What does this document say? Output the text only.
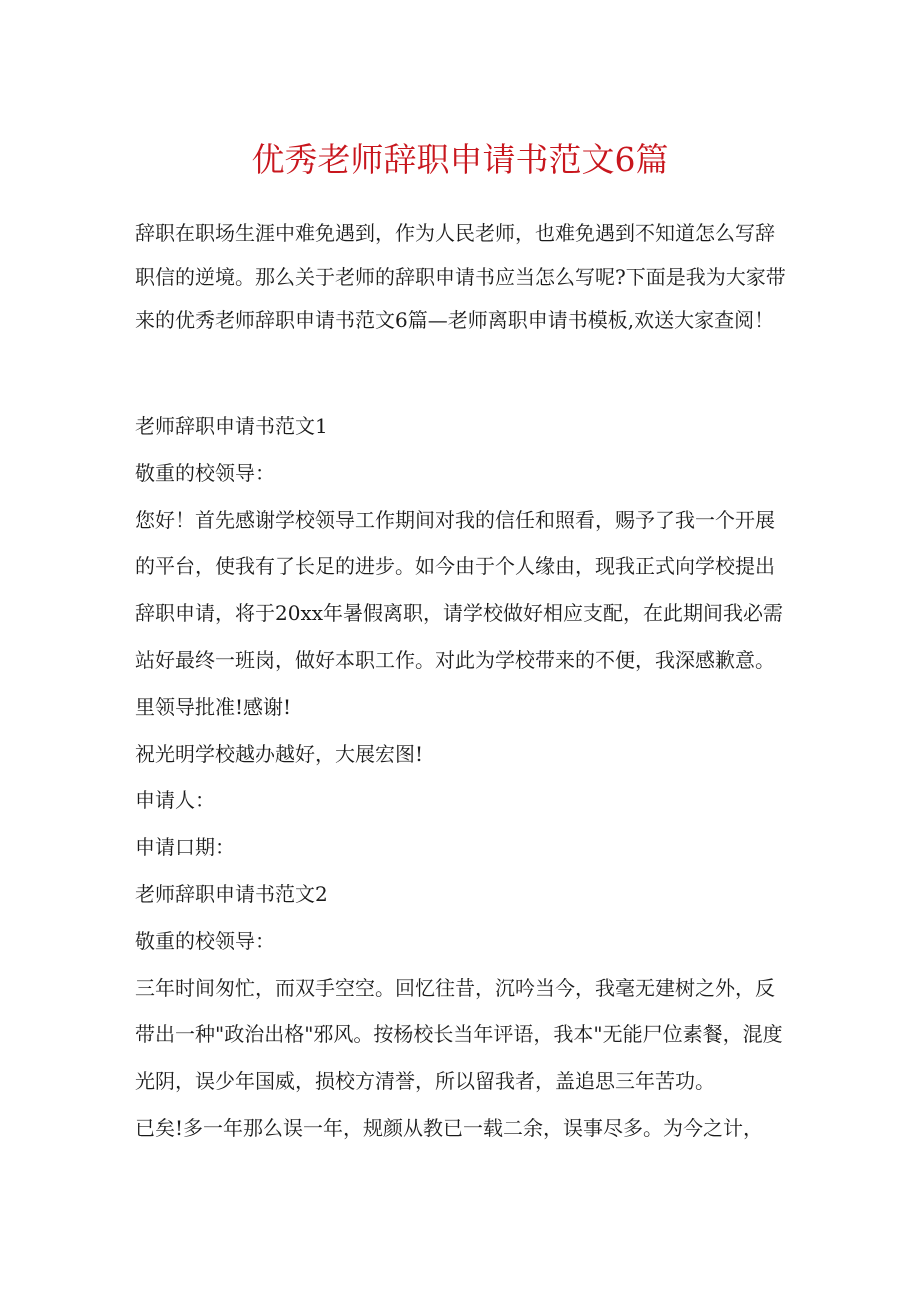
优秀老师辞职申请书范文6篇

辞职在职场生涯中难免遇到，作为人民老师，也难免遇到不知道怎么写辞
职信的逆境。那么关于老师的辞职申请书应当怎么写呢?下面是我为大家带
来的优秀老师辞职申请书范文6篇—老师离职申请书模板,欢送大家查阅！

老师辞职申请书范文1
敬重的校领导：
您好！首先感谢学校领导工作期间对我的信任和照看，赐予了我一个开展
的平台，使我有了长足的进步。如今由于个人缘由，现我正式向学校提出
辞职申请，将于20xx年暑假离职，请学校做好相应支配，在此期间我必需
站好最终一班岗，做好本职工作。对此为学校带来的不便，我深感歉意。
里领导批准!感谢!
祝光明学校越办越好，大展宏图!
申请人：
申请口期：
老师辞职申请书范文2
敬重的校领导：
三年时间匆忙，而双手空空。回忆往昔，沉吟当今，我毫无建树之外，反
带出一种"政治出格"邪风。按杨校长当年评语，我本"无能尸位素餐，混度
光阴，误少年国威，损校方清誉，所以留我者，盖追思三年苦功。
已矣!多一年那么误一年，规颜从教已一载二余，误事尽多。为今之计，
